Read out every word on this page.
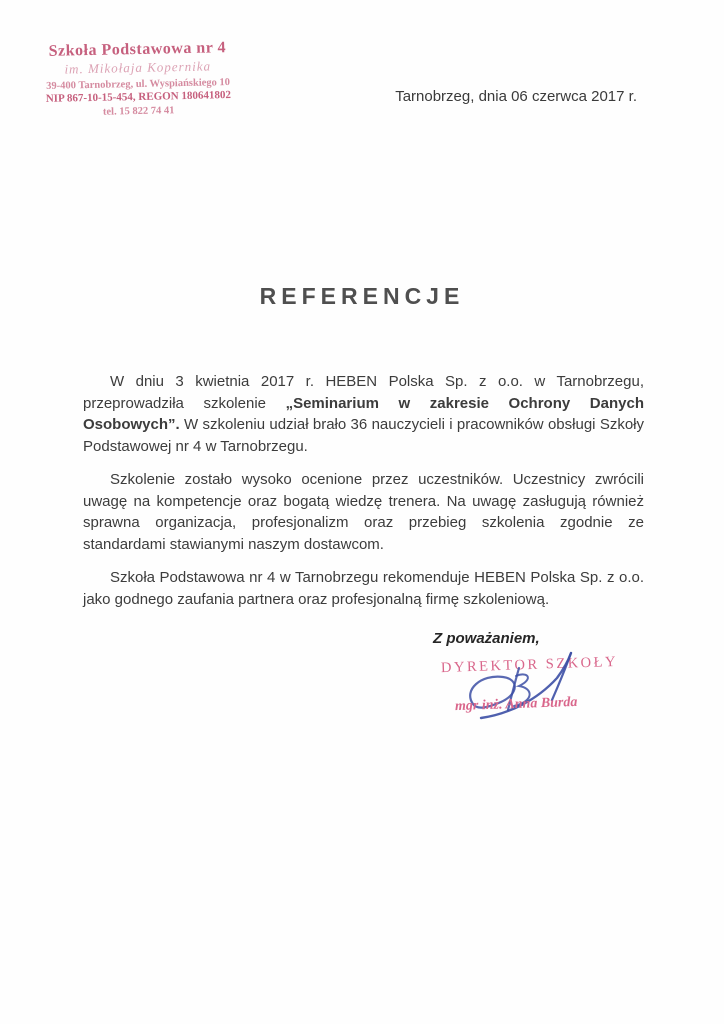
Szkoła Podstawowa nr 4
im. Mikołaja Kopernika
39-400 Tarnobrzeg, ul. Wyspiańskiego 10
NIP 867-10-15-454, REGON 180641802
tel. 15 822 74 41
Tarnobrzeg, dnia 06 czerwca 2017 r.
REFERENCJE

W dniu 3 kwietnia 2017 r. HEBEN Polska Sp. z o.o. w Tarnobrzegu, przeprowadziła szkolenie „Seminarium w zakresie Ochrony Danych Osobowych”. W szkoleniu udział brało 36 nauczycieli i pracowników obsługi Szkoły Podstawowej nr 4 w Tarnobrzegu.

Szkolenie zostało wysoko ocenione przez uczestników. Uczestnicy zwrócili uwagę na kompetencje oraz bogatą wiedzę trenera. Na uwagę zasługują również sprawna organizacja, profesjonalizm oraz przebieg szkolenia zgodnie ze standardami stawianymi naszym dostawcom.

Szkoła Podstawowa nr 4 w Tarnobrzegu rekomenduje HEBEN Polska Sp. z o.o. jako godnego zaufania partnera oraz profesjonalną firmę szkoleniową.

Z poważaniem,
DYREKTOR SZKOŁY
mgr inż. Anna Burda
